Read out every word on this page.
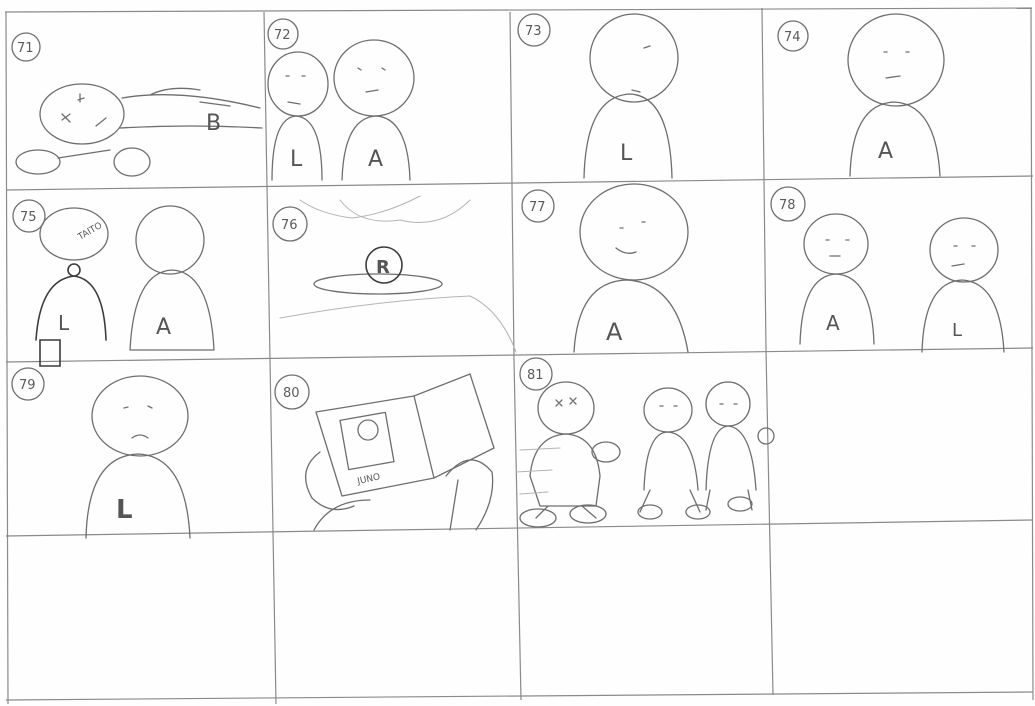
71
B
72
L	A
73
L
74
A
75
TAITO
L	A
76
R
77
A
78
A	L
79
L
80
JUNO
81
